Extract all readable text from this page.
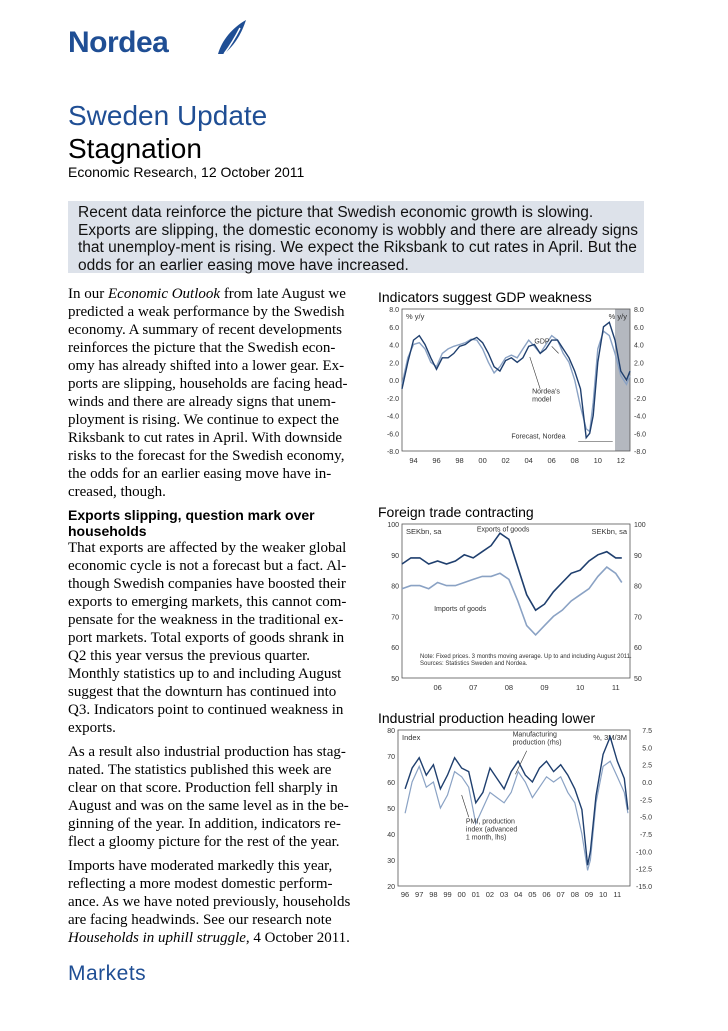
Nordea
Sweden Update
Stagnation
Economic Research, 12 October 2011
Recent data reinforce the picture that Swedish economic growth is slowing. Exports are slipping, the domestic economy is wobbly and there are already signs that unemploy-ment is rising. We expect the Riksbank to cut rates in April. But the odds for an earlier easing move have increased.

In our Economic Outlook from late August we predicted a weak performance by the Swedish economy. A summary of recent developments reinforces the picture that the Swedish econ-omy has already shifted into a lower gear. Ex-ports are slipping, households are facing head-winds and there are already signs that unem-ployment is rising. We continue to expect the Riksbank to cut rates in April. With downside risks to the forecast for the Swedish economy, the odds for an earlier easing move have in-creased, though.

Exports slipping, question mark over households

That exports are affected by the weaker global economic cycle is not a forecast but a fact. Al-though Swedish companies have boosted their exports to emerging markets, this cannot com-pensate for the weakness in the traditional ex-port markets. Total exports of goods shrank in Q2 this year versus the previous quarter. Monthly statistics up to and including August suggest that the downturn has continued into Q3. Indicators point to continued weakness in exports.

As a result also industrial production has stag-nated. The statistics published this week are clear on that score. Production fell sharply in August and was on the same level as in the be-ginning of the year. In addition, indicators re-flect a gloomy picture for the rest of the year.

Imports have moderated markedly this year, reflecting a more modest domestic perform-ance. As we have noted previously, households are facing headwinds. See our research note Households in uphill struggle, 4 October 2011.

Indicators suggest GDP weakness
8.0	8.0
6.0	6.0
4.0	4.0
2.0	2.0
0.0	0.0
-2.0	-2.0
-4.0	-4.0
-6.0	-6.0
-8.0	-8.0
94 96 98 00 02 04 06 08 10 12
% y/y	% y/y
GDP
Nordea's
model
Forecast, Nordea
Foreign trade contracting
100	100
90	90
80	80
70	70
60	60
50	50
06	07	08	09	10	11
SEKbn, sa	SEKbn, sa
Exports of goods
Imports of goods
Note: Fixed prices. 3 months moving average. Up to and including August 2011.
Sources: Statistics Sweden and Nordea.
Industrial production heading lower
80
70
60
50
40
30
20
7.5
5.0
2.5
0.0
-2.5
-5.0
-7.5
-10.0
-12.5
-15.0
96 97 98 99 00 01 02 03 04 05 06 07 08 09 10 11
Index	%, 3M/3M
Manufacturing
production (rhs)
PMI, production
index (advanced
1 month, lhs)
Markets
